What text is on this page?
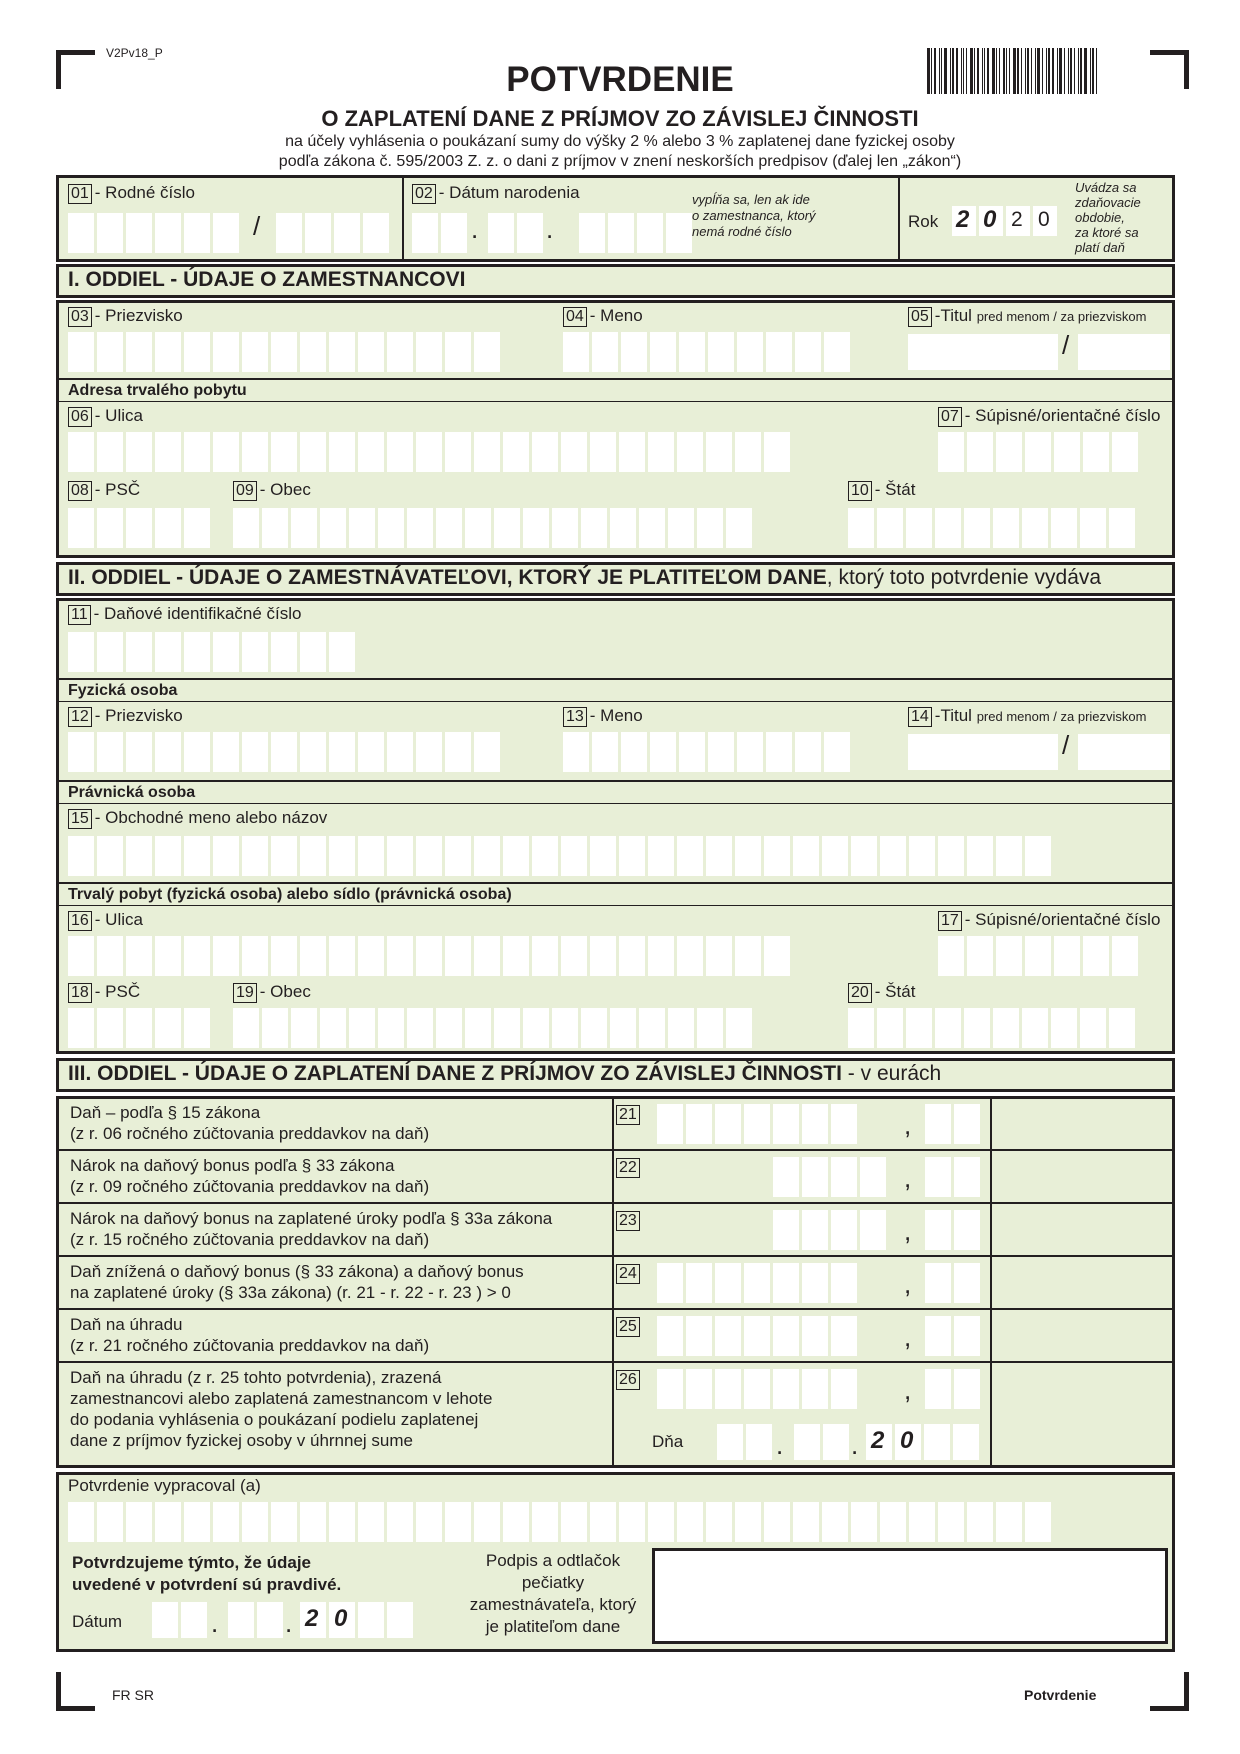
V2Pv18_P
POTVRDENIE
O ZAPLATENÍ DANE Z PRÍJMOV ZO ZÁVISLEJ ČINNOSTI
na účely vyhlásenia o poukázaní sumy do výšky 2 % alebo 3 % zaplatenej dane fyzickej osoby
podľa zákona č. 595/2003 Z. z. o dani z príjmov v znení neskorších predpisov (ďalej len „zákon“)
01 - Rodné číslo
/
02 - Dátum narodenia
.	.
vypĺňa sa, len ak ide
o zamestnanca, ktorý
nemá rodné číslo
Rok 2 0 2 0
Uvádza sa
zdaňovacie
obdobie,
za ktoré sa
platí daň
I. ODDIEL - ÚDAJE O ZAMESTNANCOVI
03 - Priezvisko	04 - Meno	05 -Titul pred menom / za priezviskom
/
Adresa trvalého pobytu
06 - Ulica	07 - Súpisné/orientačné číslo
08 - PSČ	09 - Obec	10 - Štát
II. ODDIEL - ÚDAJE O ZAMESTNÁVATEĽOVI, KTORÝ JE PLATITEĽOM DANE, ktorý toto potvrdenie vydáva
11 - Daňové identifikačné číslo
Fyzická osoba
12 - Priezvisko	13 - Meno	14 -Titul pred menom / za priezviskom
/
Právnická osoba
15 - Obchodné meno alebo názov
Trvalý pobyt (fyzická osoba) alebo sídlo (právnická osoba)
16 - Ulica	17 - Súpisné/orientačné číslo
18 - PSČ	19 - Obec	20 - Štát
III. ODDIEL - ÚDAJE O ZAPLATENÍ DANE Z PRÍJMOV ZO ZÁVISLEJ ČINNOSTI - v eurách
Daň – podľa § 15 zákona
(z r. 06 ročného zúčtovania preddavkov na daň)
21	,
Nárok na daňový bonus podľa § 33 zákona
(z r. 09 ročného zúčtovania preddavkov na daň)
22	,
Nárok na daňový bonus na zaplatené úroky podľa § 33a zákona
(z r. 15 ročného zúčtovania preddavkov na daň)
23	,
Daň znížená o daňový bonus (§ 33 zákona) a daňový bonus
na zaplatené úroky (§ 33a zákona) (r. 21 - r. 22 - r. 23 ) > 0
24	,
Daň na úhradu
(z r. 21 ročného zúčtovania preddavkov na daň)
25	,
Daň na úhradu (z r. 25 tohto potvrdenia), zrazená
zamestnancovi alebo zaplatená zamestnancom v lehote
do podania vyhlásenia o poukázaní podielu zaplatenej
dane z príjmov fyzickej osoby v úhrnnej sume
26	,
Dňa	.	. 2 0
Potvrdenie vypracoval (a)
Potvrdzujeme týmto, že údaje
uvedené v potvrdení sú pravdivé.
Dátum	.	. 2 0
Podpis a odtlačok
pečiatky
zamestnávateľa, ktorý
je platiteľom dane
FR SR	Potvrdenie
